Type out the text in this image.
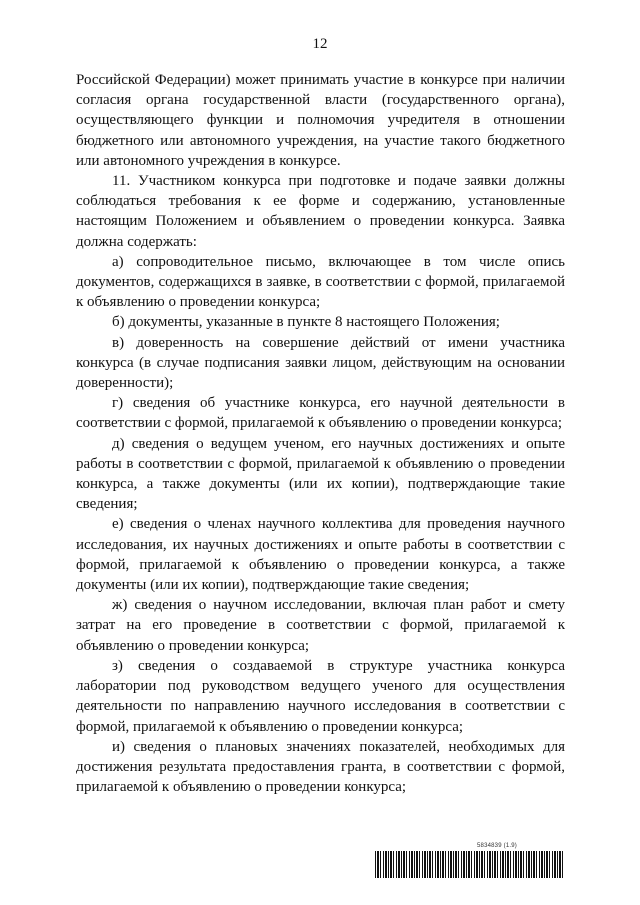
12

Российской Федерации) может принимать участие в конкурсе при наличии согласия органа государственной власти (государственного органа), осуществляющего функции и полномочия учредителя в отношении бюджетного или автономного учреждения, на участие такого бюджетного или автономного учреждения в конкурсе.

11. Участником конкурса при подготовке и подаче заявки должны соблюдаться требования к ее форме и содержанию, установленные настоящим Положением и объявлением о проведении конкурса. Заявка должна содержать:

а) сопроводительное письмо, включающее в том числе опись документов, содержащихся в заявке, в соответствии с формой, прилагаемой к объявлению о проведении конкурса;

б) документы, указанные в пункте 8 настоящего Положения;

в) доверенность на совершение действий от имени участника конкурса (в случае подписания заявки лицом, действующим на основании доверенности);

г) сведения об участнике конкурса, его научной деятельности в соответствии с формой, прилагаемой к объявлению о проведении конкурса;

д) сведения о ведущем ученом, его научных достижениях и опыте работы в соответствии с формой, прилагаемой к объявлению о проведении конкурса, а также документы (или их копии), подтверждающие такие сведения;

е) сведения о членах научного коллектива для проведения научного исследования, их научных достижениях и опыте работы в соответствии с формой, прилагаемой к объявлению о проведении конкурса, а также документы (или их копии), подтверждающие такие сведения;

ж) сведения о научном исследовании, включая план работ и смету затрат на его проведение в соответствии с формой, прилагаемой к объявлению о проведении конкурса;

з) сведения о создаваемой в структуре участника конкурса лаборатории под руководством ведущего ученого для осуществления деятельности по направлению научного исследования в соответствии с формой, прилагаемой к объявлению о проведении конкурса;

и) сведения о плановых значениях показателей, необходимых для достижения результата предоставления гранта, в соответствии с формой, прилагаемой к объявлению о проведении конкурса;

5834839 (1.9)
